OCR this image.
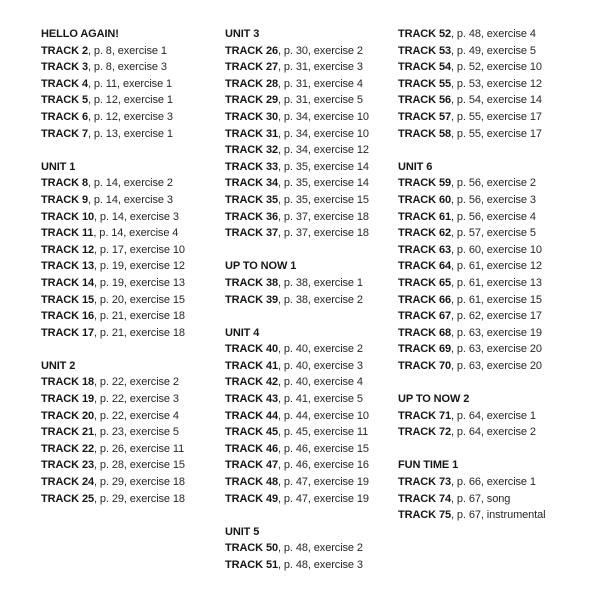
HELLO AGAIN!
TRACK 2, p. 8, exercise 1
TRACK 3, p. 8, exercise 3
TRACK 4, p. 11, exercise 1
TRACK 5, p. 12, exercise 1
TRACK 6, p. 12, exercise 3
TRACK 7, p. 13, exercise 1
UNIT 1
TRACK 8, p. 14, exercise 2
TRACK 9, p. 14, exercise 3
TRACK 10, p. 14, exercise 3
TRACK 11, p. 14, exercise 4
TRACK 12, p. 17, exercise 10
TRACK 13, p. 19, exercise 12
TRACK 14, p. 19, exercise 13
TRACK 15, p. 20, exercise 15
TRACK 16, p. 21, exercise 18
TRACK 17, p. 21, exercise 18
UNIT 2
TRACK 18, p. 22, exercise 2
TRACK 19, p. 22, exercise 3
TRACK 20, p. 22, exercise 4
TRACK 21, p. 23, exercise 5
TRACK 22, p. 26, exercise 11
TRACK 23, p. 28, exercise 15
TRACK 24, p. 29, exercise 18
TRACK 25, p. 29, exercise 18
UNIT 3
TRACK 26, p. 30, exercise 2
TRACK 27, p. 31, exercise 3
TRACK 28, p. 31, exercise 4
TRACK 29, p. 31, exercise 5
TRACK 30, p. 34, exercise 10
TRACK 31, p. 34, exercise 10
TRACK 32, p. 34, exercise 12
TRACK 33, p. 35, exercise 14
TRACK 34, p. 35, exercise 14
TRACK 35, p. 35, exercise 15
TRACK 36, p. 37, exercise 18
TRACK 37, p. 37, exercise 18
UP TO NOW 1
TRACK 38, p. 38, exercise 1
TRACK 39, p. 38, exercise 2
UNIT 4
TRACK 40, p. 40, exercise 2
TRACK 41, p. 40, exercise 3
TRACK 42, p. 40, exercise 4
TRACK 43, p. 41, exercise 5
TRACK 44, p. 44, exercise 10
TRACK 45, p. 45, exercise 11
TRACK 46, p. 46, exercise 15
TRACK 47, p. 46, exercise 16
TRACK 48, p. 47, exercise 19
TRACK 49, p. 47, exercise 19
UNIT 5
TRACK 50, p. 48, exercise 2
TRACK 51, p. 48, exercise 3
TRACK 52, p. 48, exercise 4
TRACK 53, p. 49, exercise 5
TRACK 54, p. 52, exercise 10
TRACK 55, p. 53, exercise 12
TRACK 56, p. 54, exercise 14
TRACK 57, p. 55, exercise 17
TRACK 58, p. 55, exercise 17
UNIT 6
TRACK 59, p. 56, exercise 2
TRACK 60, p. 56, exercise 3
TRACK 61, p. 56, exercise 4
TRACK 62, p. 57, exercise 5
TRACK 63, p. 60, exercise 10
TRACK 64, p. 61, exercise 12
TRACK 65, p. 61, exercise 13
TRACK 66, p. 61, exercise 15
TRACK 67, p. 62, exercise 17
TRACK 68, p. 63, exercise 19
TRACK 69, p. 63, exercise 20
TRACK 70, p. 63, exercise 20
UP TO NOW 2
TRACK 71, p. 64, exercise 1
TRACK 72, p. 64, exercise 2
FUN TIME 1
TRACK 73, p. 66, exercise 1
TRACK 74, p. 67, song
TRACK 75, p. 67, instrumental
